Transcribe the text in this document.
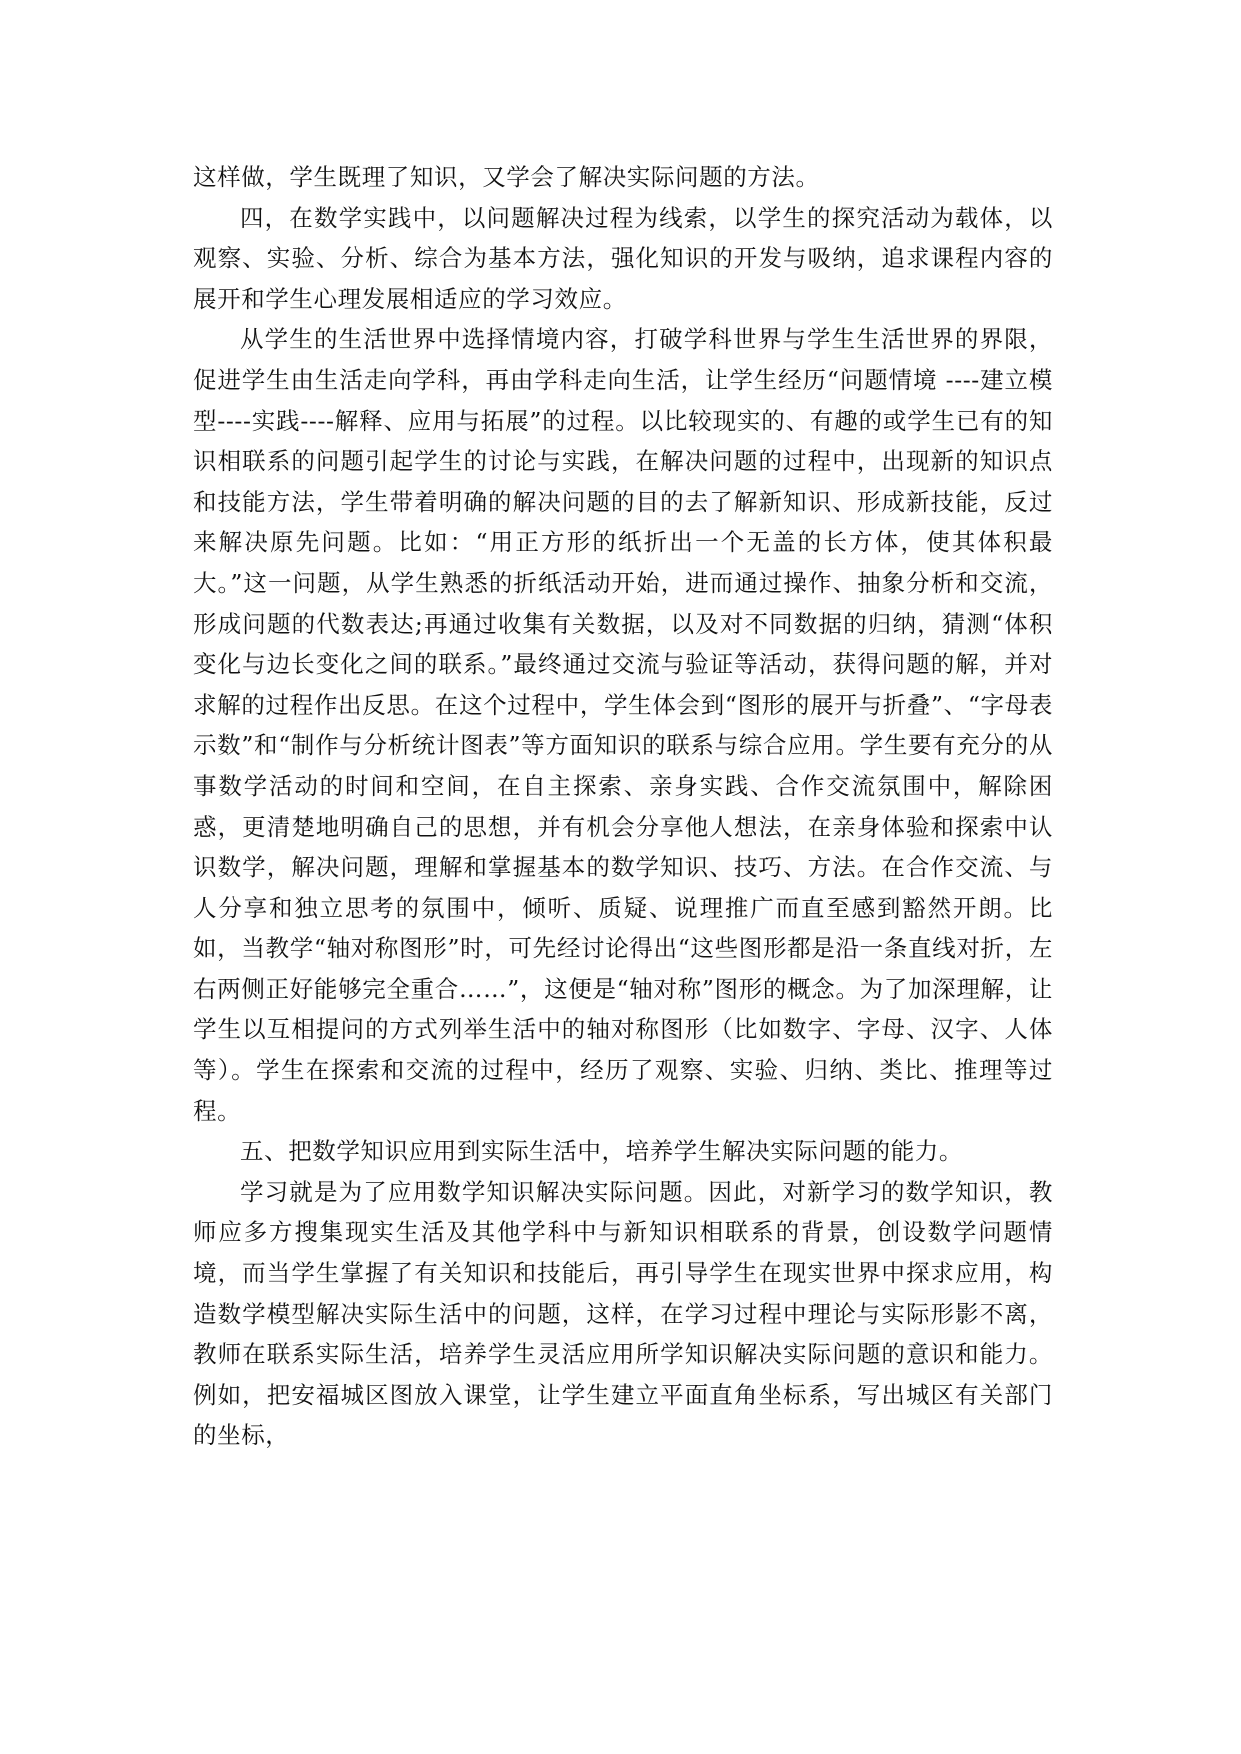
这样做，学生既理了知识，又学会了解决实际问题的方法。

四，在数学实践中，以问题解决过程为线索，以学生的探究活动为载体，以观察、实验、分析、综合为基本方法，强化知识的开发与吸纳，追求课程内容的展开和学生心理发展相适应的学习效应。

从学生的生活世界中选择情境内容，打破学科世界与学生生活世界的界限，促进学生由生活走向学科，再由学科走向生活，让学生经历“问题情境 ----建立模型----实践----解释、应用与拓展”的过程。以比较现实的、有趣的或学生已有的知识相联系的问题引起学生的讨论与实践，在解决问题的过程中，出现新的知识点和技能方法，学生带着明确的解决问题的目的去了解新知识、形成新技能，反过来解决原先问题。比如：“用正方形的纸折出一个无盖的长方体，使其体积最大。”这一问题，从学生熟悉的折纸活动开始，进而通过操作、抽象分析和交流，形成问题的代数表达;再通过收集有关数据，以及对不同数据的归纳，猜测“体积变化与边长变化之间的联系。”最终通过交流与验证等活动，获得问题的解，并对求解的过程作出反思。在这个过程中，学生体会到“图形的展开与折叠”、“字母表示数”和“制作与分析统计图表”等方面知识的联系与综合应用。学生要有充分的从事数学活动的时间和空间，在自主探索、亲身实践、合作交流氛围中，解除困惑，更清楚地明确自己的思想，并有机会分享他人想法，在亲身体验和探索中认识数学，解决问题，理解和掌握基本的数学知识、技巧、方法。在合作交流、与人分享和独立思考的氛围中，倾听、质疑、说理推广而直至感到豁然开朗。比如，当教学“轴对称图形”时，可先经讨论得出“这些图形都是沿一条直线对折，左右两侧正好能够完全重合……”，这便是“轴对称”图形的概念。为了加深理解，让学生以互相提问的方式列举生活中的轴对称图形（比如数字、字母、汉字、人体等）。学生在探索和交流的过程中，经历了观察、实验、归纳、类比、推理等过程。

五、把数学知识应用到实际生活中，培养学生解决实际问题的能力。

学习就是为了应用数学知识解决实际问题。因此，对新学习的数学知识，教师应多方搜集现实生活及其他学科中与新知识相联系的背景，创设数学问题情境，而当学生掌握了有关知识和技能后，再引导学生在现实世界中探求应用，构造数学模型解决实际生活中的问题，这样，在学习过程中理论与实际形影不离，教师在联系实际生活，培养学生灵活应用所学知识解决实际问题的意识和能力。例如，把安福城区图放入课堂，让学生建立平面直角坐标系，写出城区有关部门的坐标，
